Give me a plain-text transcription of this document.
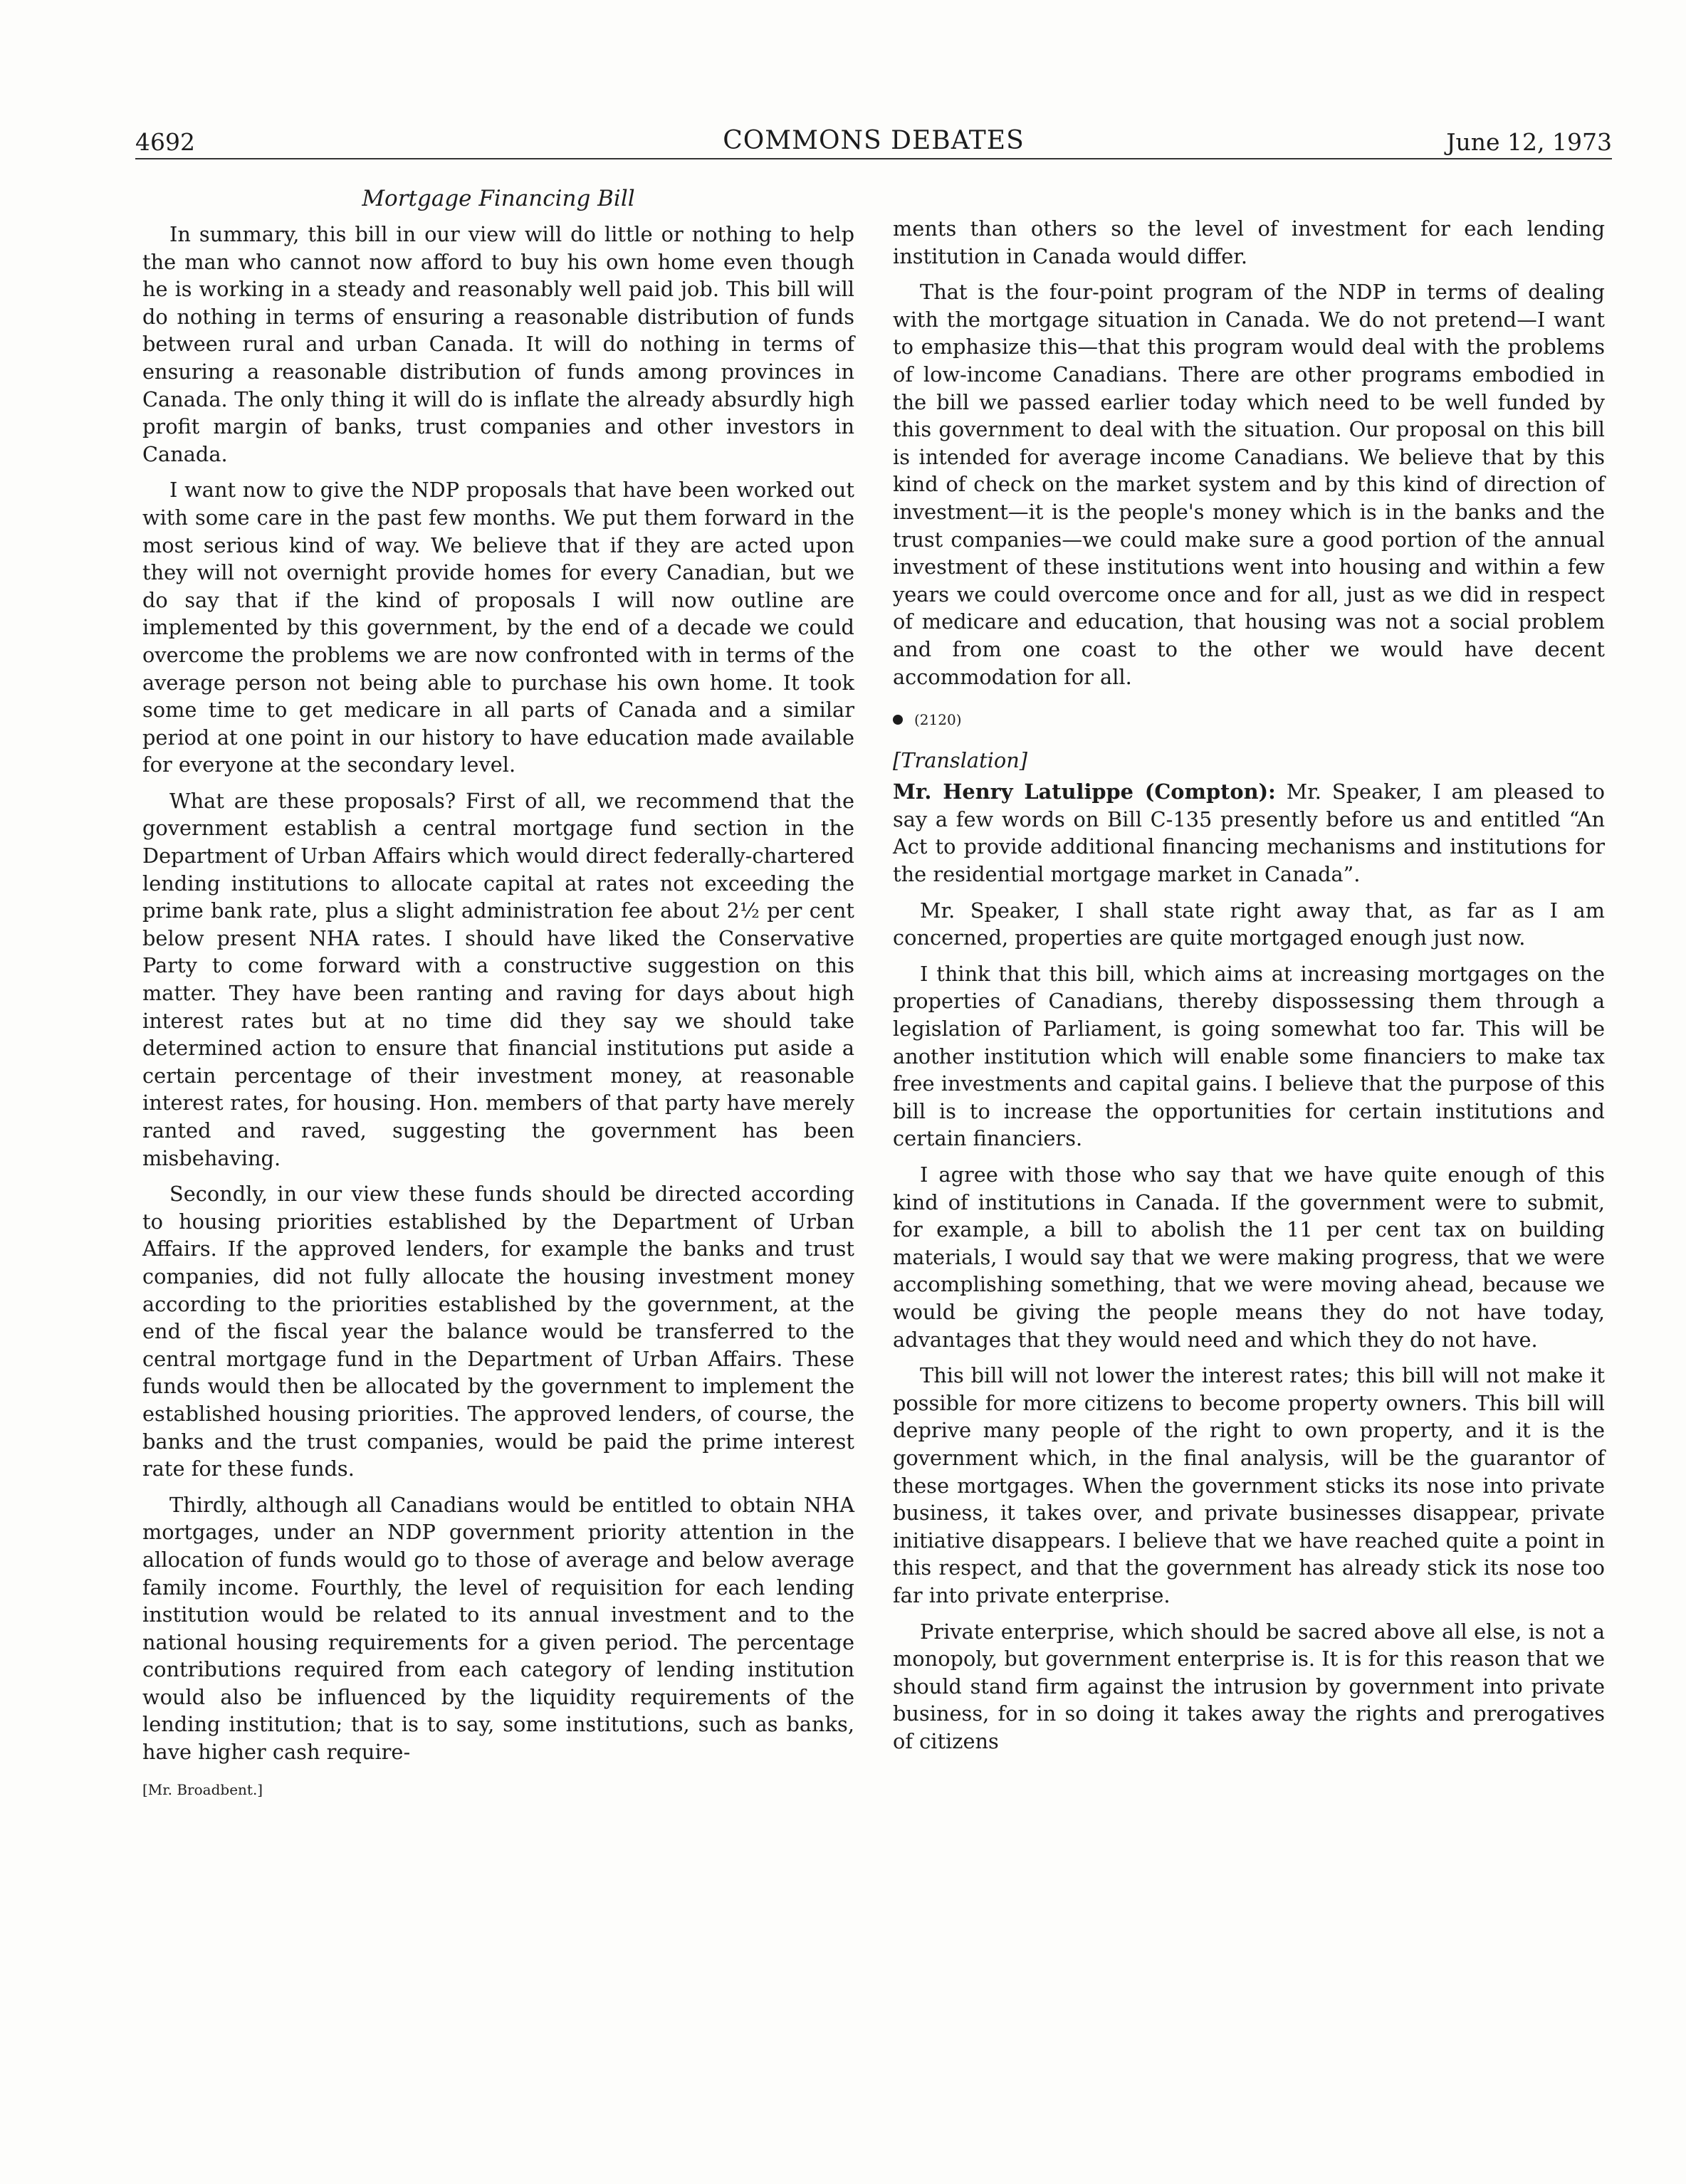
4692	COMMONS DEBATES	June 12, 1973
Mortgage Financing Bill

In summary, this bill in our view will do little or nothing to help the man who cannot now afford to buy his own home even though he is working in a steady and reasonably well paid job. This bill will do nothing in terms of ensuring a reasonable distribution of funds between rural and urban Canada. It will do nothing in terms of ensuring a reasonable distribution of funds among provinces in Canada. The only thing it will do is inflate the already absurdly high profit margin of banks, trust companies and other investors in Canada.

I want now to give the NDP proposals that have been worked out with some care in the past few months. We put them forward in the most serious kind of way. We believe that if they are acted upon they will not overnight provide homes for every Canadian, but we do say that if the kind of proposals I will now outline are implemented by this government, by the end of a decade we could overcome the problems we are now confronted with in terms of the average person not being able to purchase his own home. It took some time to get medicare in all parts of Canada and a similar period at one point in our history to have education made available for everyone at the secondary level.

What are these proposals? First of all, we recommend that the government establish a central mortgage fund section in the Department of Urban Affairs which would direct federally-chartered lending institutions to allocate capital at rates not exceeding the prime bank rate, plus a slight administration fee about 2½ per cent below present NHA rates. I should have liked the Conservative Party to come forward with a constructive suggestion on this matter. They have been ranting and raving for days about high interest rates but at no time did they say we should take determined action to ensure that financial institutions put aside a certain percentage of their investment money, at reasonable interest rates, for housing. Hon. members of that party have merely ranted and raved, suggesting the government has been misbehaving.

Secondly, in our view these funds should be directed according to housing priorities established by the Department of Urban Affairs. If the approved lenders, for example the banks and trust companies, did not fully allocate the housing investment money according to the priorities established by the government, at the end of the fiscal year the balance would be transferred to the central mortgage fund in the Department of Urban Affairs. These funds would then be allocated by the government to implement the established housing priorities. The approved lenders, of course, the banks and the trust companies, would be paid the prime interest rate for these funds.

Thirdly, although all Canadians would be entitled to obtain NHA mortgages, under an NDP government priority attention in the allocation of funds would go to those of average and below average family income. Fourthly, the level of requisition for each lending institution would be related to its annual investment and to the national housing requirements for a given period. The percentage contributions required from each category of lending institution would also be influenced by the liquidity requirements of the lending institution; that is to say, some institutions, such as banks, have higher cash require-

[Mr. Broadbent.]

ments than others so the level of investment for each lending institution in Canada would differ.

That is the four-point program of the NDP in terms of dealing with the mortgage situation in Canada. We do not pretend—I want to emphasize this—that this program would deal with the problems of low-income Canadians. There are other programs embodied in the bill we passed earlier today which need to be well funded by this government to deal with the situation. Our proposal on this bill is intended for average income Canadians. We believe that by this kind of check on the market system and by this kind of direction of investment—it is the people's money which is in the banks and the trust companies—we could make sure a good portion of the annual investment of these institutions went into housing and within a few years we could overcome once and for all, just as we did in respect of medicare and education, that housing was not a social problem and from one coast to the other we would have decent accommodation for all.

(2120)
[Translation]

Mr. Henry Latulippe (Compton): Mr. Speaker, I am pleased to say a few words on Bill C-135 presently before us and entitled “An Act to provide additional financing mechanisms and institutions for the residential mortgage market in Canada”.

Mr. Speaker, I shall state right away that, as far as I am concerned, properties are quite mortgaged enough just now.

I think that this bill, which aims at increasing mortgages on the properties of Canadians, thereby dispossessing them through a legislation of Parliament, is going somewhat too far. This will be another institution which will enable some financiers to make tax free investments and capital gains. I believe that the purpose of this bill is to increase the opportunities for certain institutions and certain financiers.

I agree with those who say that we have quite enough of this kind of institutions in Canada. If the government were to submit, for example, a bill to abolish the 11 per cent tax on building materials, I would say that we were making progress, that we were accomplishing something, that we were moving ahead, because we would be giving the people means they do not have today, advantages that they would need and which they do not have.

This bill will not lower the interest rates; this bill will not make it possible for more citizens to become property owners. This bill will deprive many people of the right to own property, and it is the government which, in the final analysis, will be the guarantor of these mortgages. When the government sticks its nose into private business, it takes over, and private businesses disappear, private initiative disappears. I believe that we have reached quite a point in this respect, and that the government has already stick its nose too far into private enterprise.

Private enterprise, which should be sacred above all else, is not a monopoly, but government enterprise is. It is for this reason that we should stand firm against the intrusion by government into private business, for in so doing it takes away the rights and prerogatives of citizens
